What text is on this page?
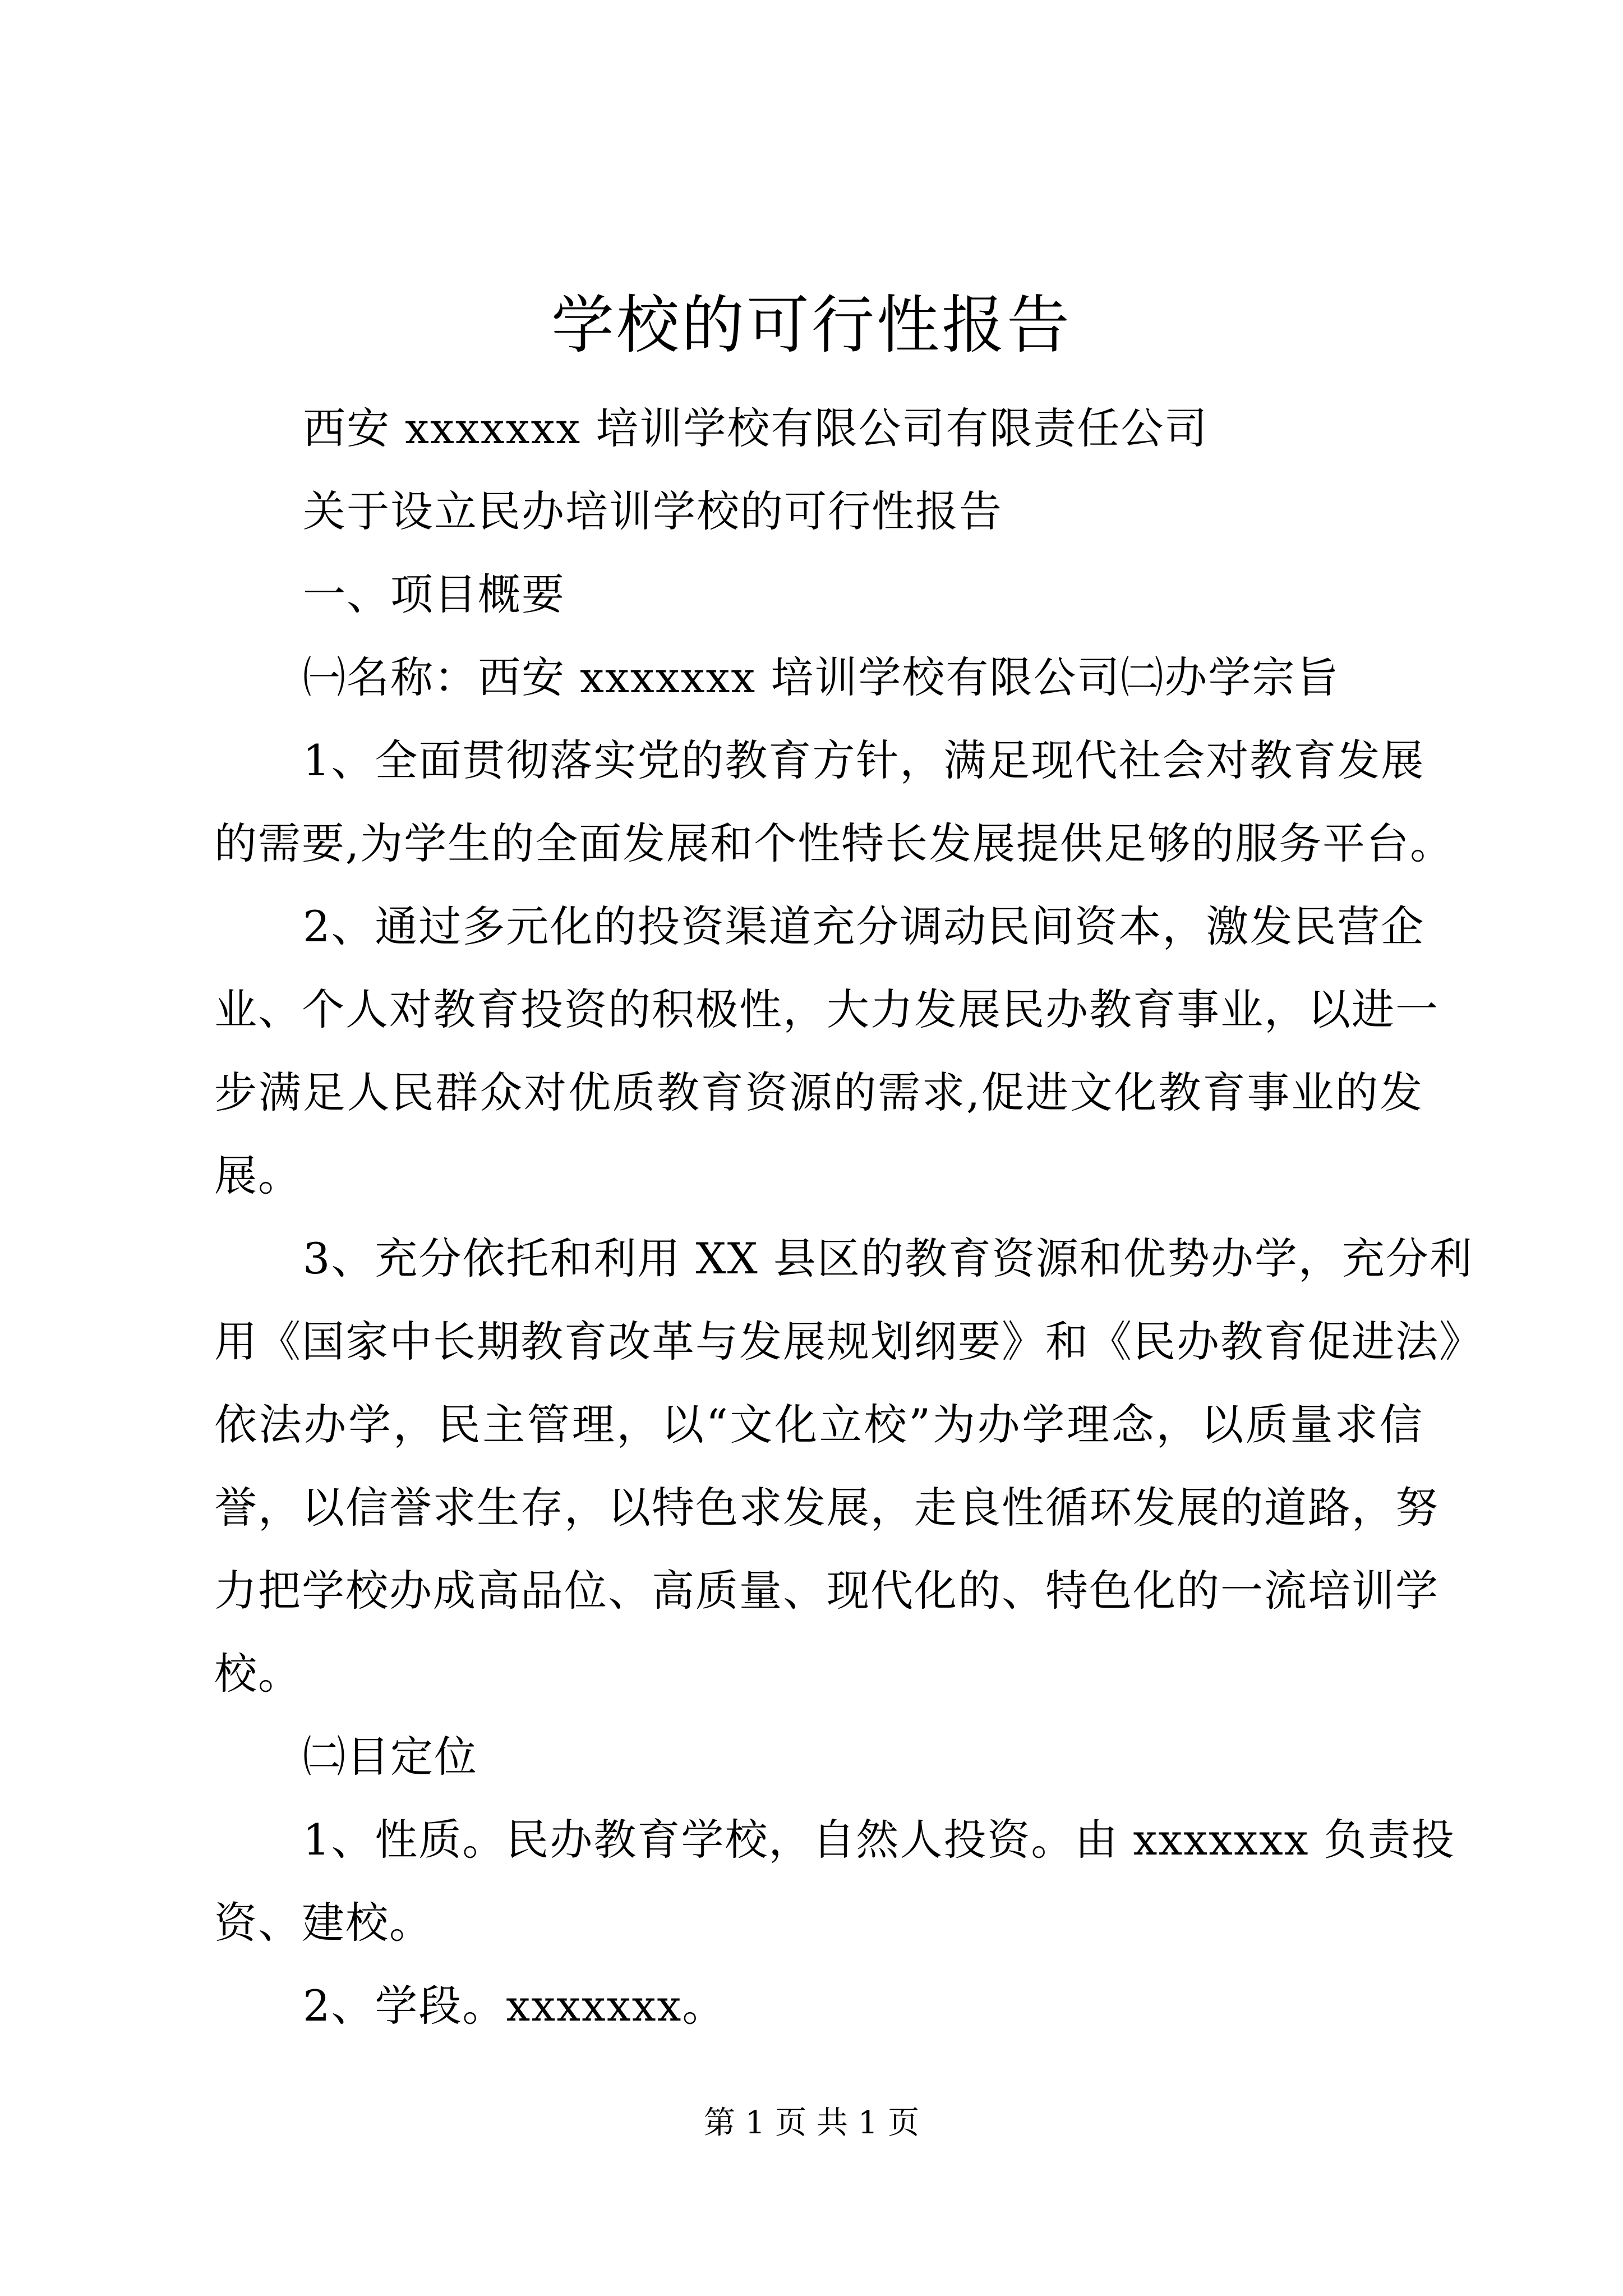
学校的可行性报告
西安 xxxxxxx 培训学校有限公司有限责任公司
关于设立民办培训学校的可行性报告
一、项目概要
㈠名称：西安 xxxxxxx 培训学校有限公司㈡办学宗旨
1、全面贯彻落实党的教育方针，满足现代社会对教育发展
的需要,为学生的全面发展和个性特长发展提供足够的服务平台。
2、通过多元化的投资渠道充分调动民间资本，激发民营企
业、个人对教育投资的积极性，大力发展民办教育事业，以进一
步满足人民群众对优质教育资源的需求,促进文化教育事业的发
展。
3、充分依托和利用 XX 县区的教育资源和优势办学，充分利
用《国家中长期教育改革与发展规划纲要》和《民办教育促进法》
依法办学，民主管理，以“文化立校”为办学理念，以质量求信
誉，以信誉求生存，以特色求发展，走良性循环发展的道路，努
力把学校办成高品位、高质量、现代化的、特色化的一流培训学
校。
㈡目定位
1、性质。民办教育学校，自然人投资。由 xxxxxxx 负责投
资、建校。
2、学段。xxxxxxx。
第 1 页 共 1 页
